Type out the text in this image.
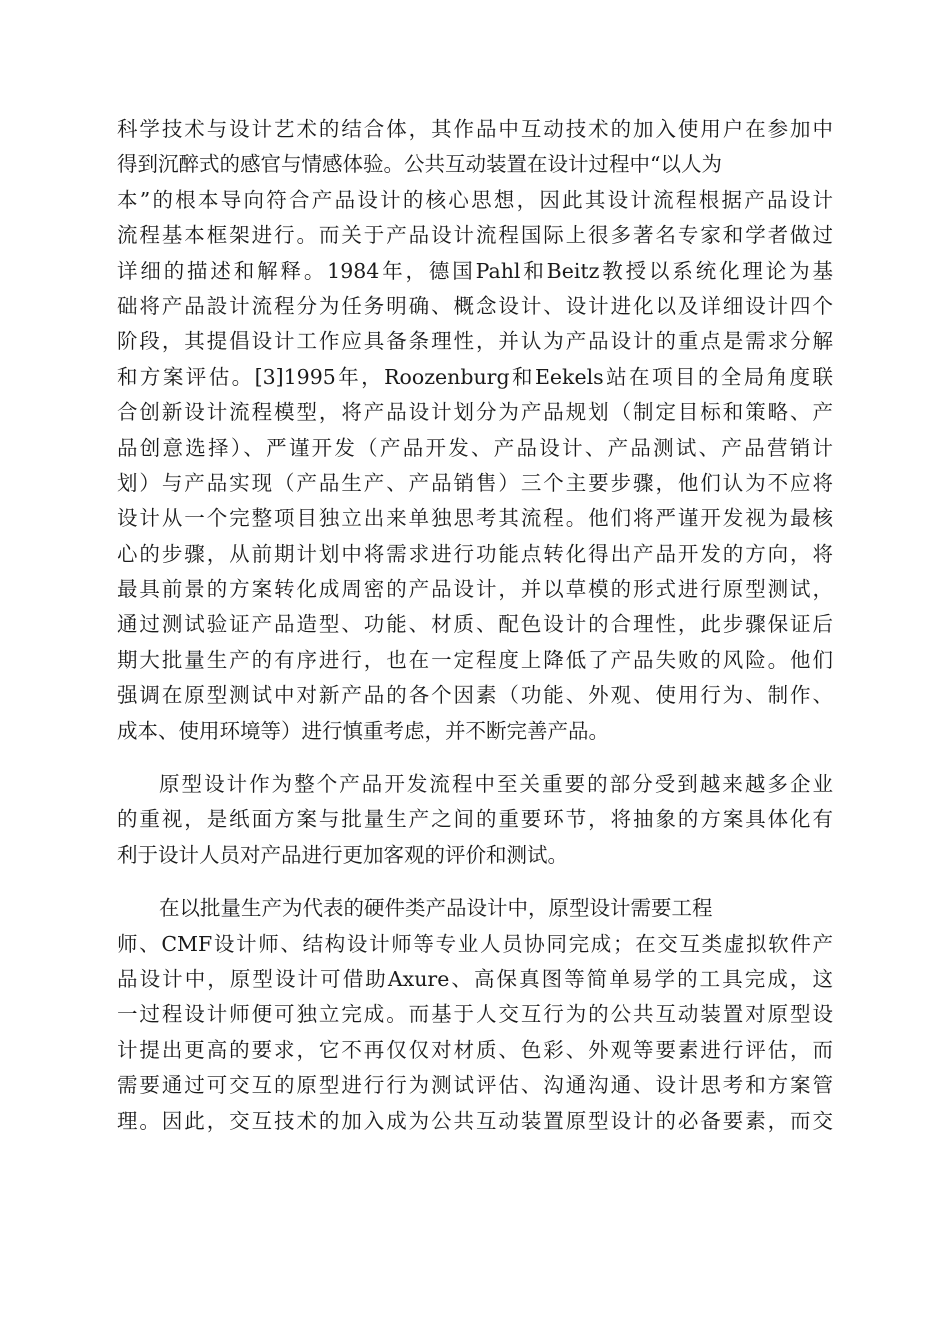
科学技术与设计艺术的结合体，其作品中互动技术的加入使用户在参加中
得到沉醉式的感官与情感体验。公共互动装置在设计过程中“以人为
本”的根本导向符合产品设计的核心思想，因此其设计流程根据产品设计
流程基本框架进行。而关于产品设计流程国际上很多著名专家和学者做过
详细的描述和解释。1984年，德国Pahl和Beitz教授以系统化理论为基
础将产品設计流程分为任务明确、概念设计、设计进化以及详细设计四个
阶段，其提倡设计工作应具备条理性，并认为产品设计的重点是需求分解
和方案评估。[3]1995年，Roozenburg和Eekels站在项目的全局角度联
合创新设计流程模型，将产品设计划分为产品规划（制定目标和策略、产
品创意选择）、严谨开发（产品开发、产品设计、产品测试、产品营销计
划）与产品实现（产品生产、产品销售）三个主要步骤，他们认为不应将
设计从一个完整项目独立出来单独思考其流程。他们将严谨开发视为最核
心的步骤，从前期计划中将需求进行功能点转化得出产品开发的方向，将
最具前景的方案转化成周密的产品设计，并以草模的形式进行原型测试，
通过测试验证产品造型、功能、材质、配色设计的合理性，此步骤保证后
期大批量生产的有序进行，也在一定程度上降低了产品失败的风险。他们
强调在原型测试中对新产品的各个因素（功能、外观、使用行为、制作、
成本、使用环境等）进行慎重考虑，并不断完善产品。
原型设计作为整个产品开发流程中至关重要的部分受到越来越多企业
的重视，是纸面方案与批量生产之间的重要环节，将抽象的方案具体化有
利于设计人员对产品进行更加客观的评价和测试。
在以批量生产为代表的硬件类产品设计中，原型设计需要工程
师、CMF设计师、结构设计师等专业人员协同完成；在交互类虚拟软件产
品设计中，原型设计可借助Axure、高保真图等简单易学的工具完成，这
一过程设计师便可独立完成。而基于人交互行为的公共互动装置对原型设
计提出更高的要求，它不再仅仅对材质、色彩、外观等要素进行评估，而
需要通过可交互的原型进行行为测试评估、沟通沟通、设计思考和方案管
理。因此，交互技术的加入成为公共互动装置原型设计的必备要素，而交
